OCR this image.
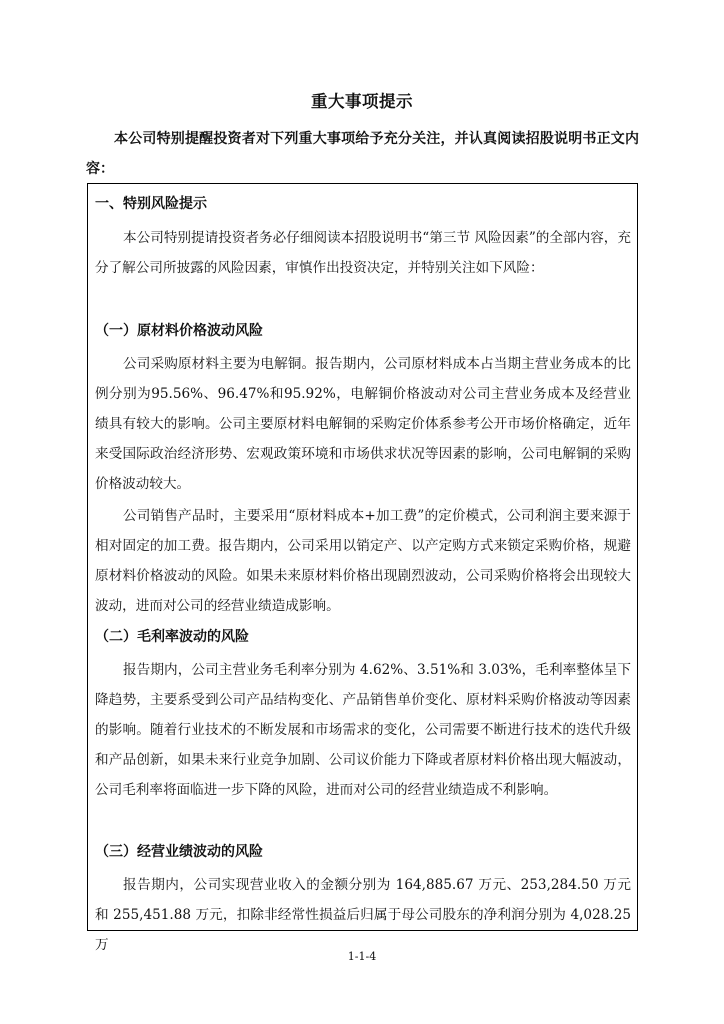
重大事项提示
本公司特别提醒投资者对下列重大事项给予充分关注，并认真阅读招股说明书正文内容：
一、特别风险提示
本公司特别提请投资者务必仔细阅读本招股说明书“第三节 风险因素”的全部内容，充分了解公司所披露的风险因素，审慎作出投资决定，并特别关注如下风险：
（一）原材料价格波动风险
公司采购原材料主要为电解铜。报告期内，公司原材料成本占当期主营业务成本的比例分别为95.56%、96.47%和95.92%，电解铜价格波动对公司主营业务成本及经营业绩具有较大的影响。公司主要原材料电解铜的采购定价体系参考公开市场价格确定，近年来受国际政治经济形势、宏观政策环境和市场供求状况等因素的影响，公司电解铜的采购价格波动较大。
公司销售产品时，主要采用“原材料成本+加工费”的定价模式，公司利润主要来源于相对固定的加工费。报告期内，公司采用以销定产、以产定购方式来锁定采购价格，规避原材料价格波动的风险。如果未来原材料价格出现剧烈波动，公司采购价格将会出现较大波动，进而对公司的经营业绩造成影响。
（二）毛利率波动的风险
报告期内，公司主营业务毛利率分别为 4.62%、3.51%和 3.03%，毛利率整体呈下降趋势，主要系受到公司产品结构变化、产品销售单价变化、原材料采购价格波动等因素的影响。随着行业技术的不断发展和市场需求的变化，公司需要不断进行技术的迭代升级和产品创新，如果未来行业竞争加剧、公司议价能力下降或者原材料价格出现大幅波动，公司毛利率将面临进一步下降的风险，进而对公司的经营业绩造成不利影响。
（三）经营业绩波动的风险
报告期内，公司实现营业收入的金额分别为 164,885.67 万元、253,284.50 万元和 255,451.88 万元，扣除非经常性损益后归属于母公司股东的净利润分别为 4,028.25 万
1-1-4
